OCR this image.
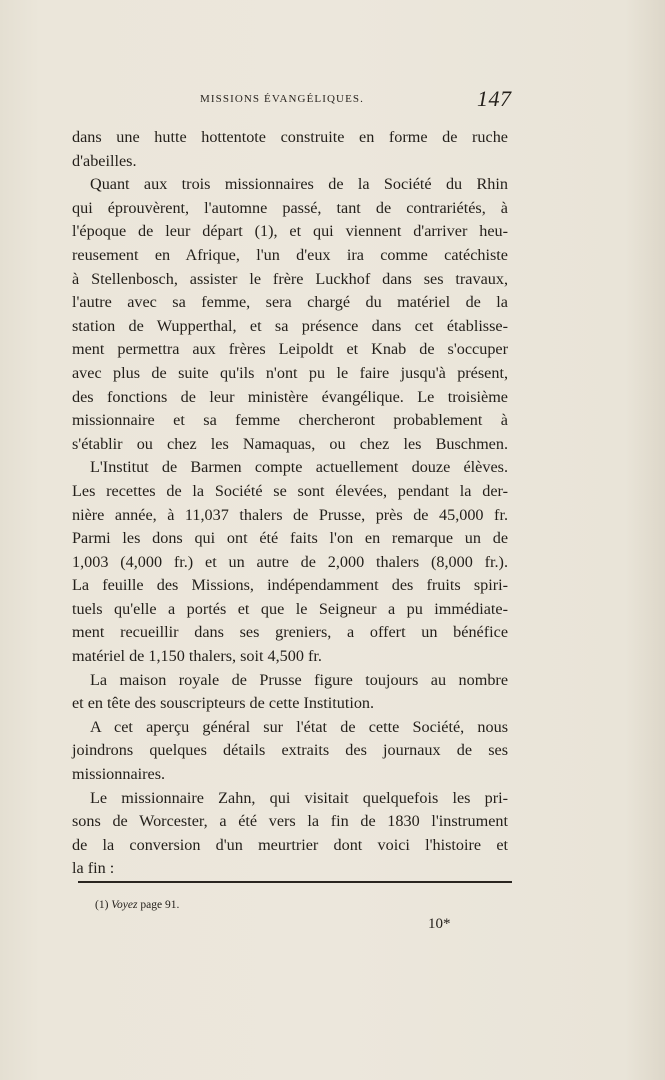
MISSIONS ÉVANGÉLIQUES.	147
dans une hutte hottentote construite en forme de ruche
d'abeilles.
Quant aux trois missionnaires de la Société du Rhin
qui éprouvèrent, l'automne passé, tant de contrariétés, à
l'époque de leur départ (1), et qui viennent d'arriver heu-
reusement en Afrique, l'un d'eux ira comme catéchiste
à Stellenbosch, assister le frère Luckhof dans ses travaux,
l'autre avec sa femme, sera chargé du matériel de la
station de Wupperthal, et sa présence dans cet établisse-
ment permettra aux frères Leipoldt et Knab de s'occuper
avec plus de suite qu'ils n'ont pu le faire jusqu'à présent,
des fonctions de leur ministère évangélique. Le troisième
missionnaire et sa femme chercheront probablement à
s'établir ou chez les Namaquas, ou chez les Buschmen.
L'Institut de Barmen compte actuellement douze élèves.
Les recettes de la Société se sont élevées, pendant la der-
nière année, à 11,037 thalers de Prusse, près de 45,000 fr.
Parmi les dons qui ont été faits l'on en remarque un de
1,003 (4,000 fr.) et un autre de 2,000 thalers (8,000 fr.).
La feuille des Missions, indépendamment des fruits spiri-
tuels qu'elle a portés et que le Seigneur a pu immédiate-
ment recueillir dans ses greniers, a offert un bénéfice
matériel de 1,150 thalers, soit 4,500 fr.
La maison royale de Prusse figure toujours au nombre
et en tête des souscripteurs de cette Institution.
A cet aperçu général sur l'état de cette Société, nous
joindrons quelques détails extraits des journaux de ses
missionnaires.
Le missionnaire Zahn, qui visitait quelquefois les pri-
sons de Worcester, a été vers la fin de 1830 l'instrument
de la conversion d'un meurtrier dont voici l'histoire et
la fin :
(1) Voyez page 91.
10*
